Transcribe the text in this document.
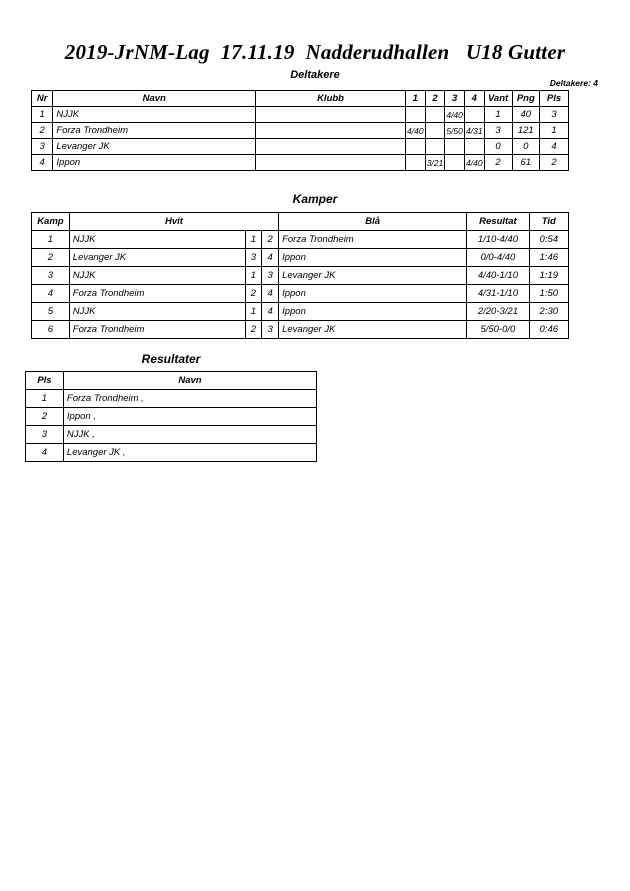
2019-JrNM-Lag 17.11.19 Nadderudhallen U18 Gutter
Deltakere
Deltakere: 4
Nr	Navn	Klubb	1	2	3	4	Vant	Png	Pls
1	NJJK				4/40		1	40	3
2	Forza Trondheim		4/40		5/50	4/31	3	121	1
3	Levanger JK						0	0	4
4	Ippon			3/21		4/40	2	61	2
Kamper
Kamp	Hvit			Blå	Resultat	Tid
1	NJJK	1	2	Forza Trondheim	1/10-4/40	0:54
2	Levanger JK	3	4	Ippon	0/0-4/40	1:46
3	NJJK	1	3	Levanger JK	4/40-1/10	1:19
4	Forza Trondheim	2	4	Ippon	4/31-1/10	1:50
5	NJJK	1	4	Ippon	2/20-3/21	2:30
6	Forza Trondheim	2	3	Levanger JK	5/50-0/0	0:46
Resultater
Pls	Navn
1	Forza Trondheim ,
2	Ippon ,
3	NJJK ,
4	Levanger JK ,
